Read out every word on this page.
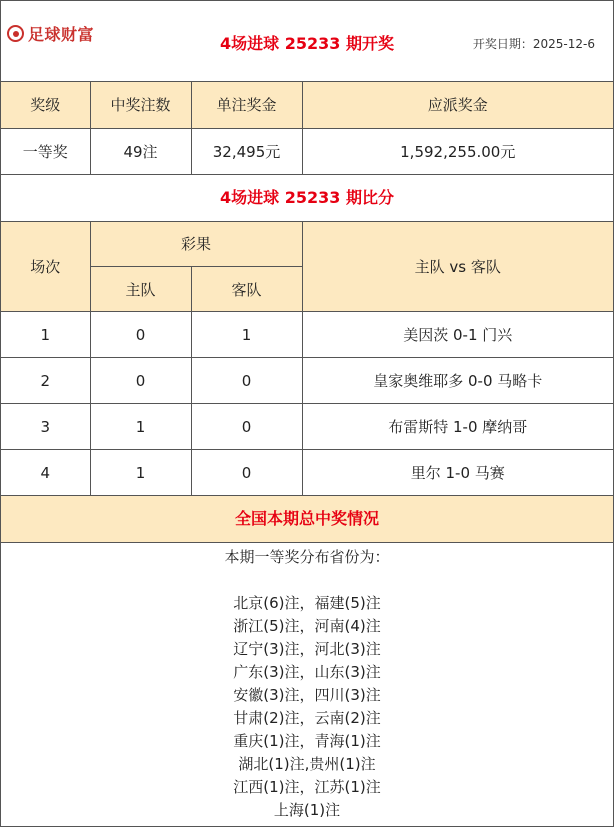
足球财富	4场进球 25233 期开奖	开奖日期：2025-12-6
奖级	中奖注数	单注奖金	应派奖金
一等奖	49注	32,495元	1,592,255.00元
4场进球 25233 期比分
场次	彩果		主队 vs 客队
	主队	客队	
1	0	1	美因茨 0-1 门兴
2	0	0	皇家奥维耶多 0-0 马略卡
3	1	0	布雷斯特 1-0 摩纳哥
4	1	0	里尔 1-0 马赛
全国本期总中奖情况
本期一等奖分布省份为：
北京(6)注，福建(5)注
浙江(5)注，河南(4)注
辽宁(3)注，河北(3)注
广东(3)注，山东(3)注
安徽(3)注，四川(3)注
甘肃(2)注，云南(2)注
重庆(1)注，青海(1)注
湖北(1)注,贵州(1)注
江西(1)注，江苏(1)注
上海(1)注
